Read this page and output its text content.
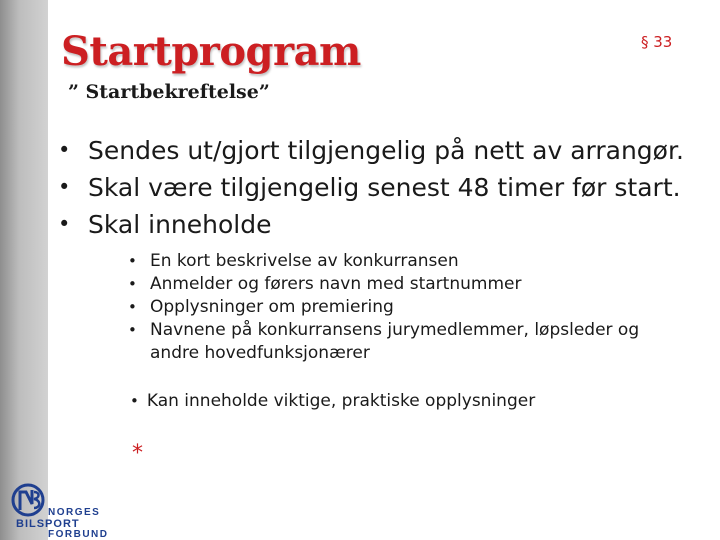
Startprogram
” Startbekreftelse”
§ 33
• Sendes ut/gjort tilgjengelig på nett av arrangør.
• Skal være tilgjengelig senest 48 timer før start.
• Skal inneholde
• En kort beskrivelse av konkurransen
• Anmelder og førers navn med startnummer
• Opplysninger om premiering
• Navnene på konkurransens jurymedlemmer, løpsleder og andre hovedfunksjonærer
• Kan inneholde viktige, praktiske opplysninger
*
NORGES
BILSPORT
FORBUND
